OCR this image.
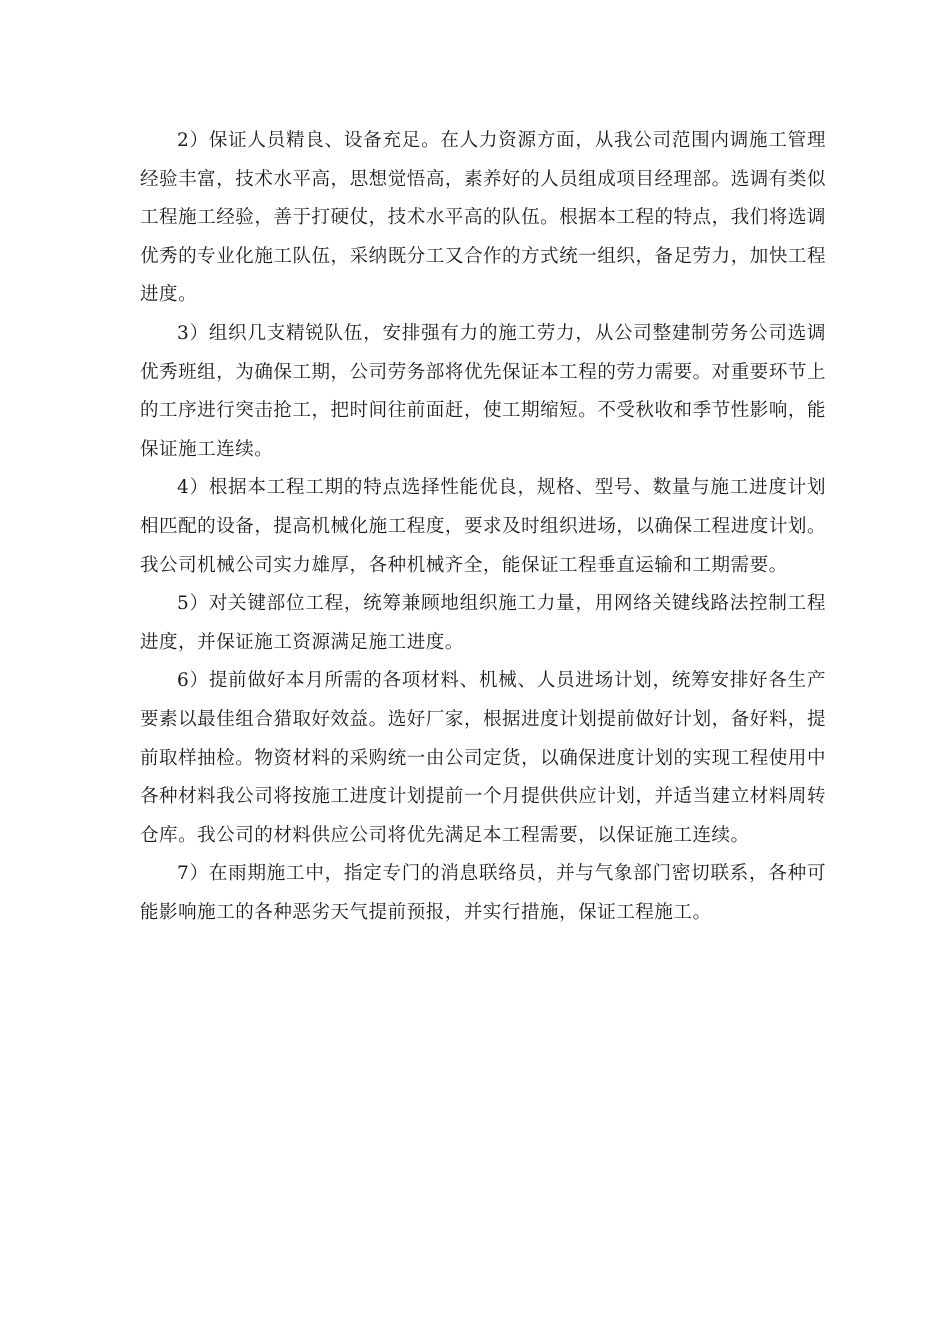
2）保证人员精良、设备充足。在人力资源方面，从我公司范围内调施工管理经验丰富，技术水平高，思想觉悟高，素养好的人员组成项目经理部。选调有类似工程施工经验，善于打硬仗，技术水平高的队伍。根据本工程的特点，我们将选调优秀的专业化施工队伍，采纳既分工又合作的方式统一组织，备足劳力，加快工程进度。

3）组织几支精锐队伍，安排强有力的施工劳力，从公司整建制劳务公司选调优秀班组，为确保工期，公司劳务部将优先保证本工程的劳力需要。对重要环节上的工序进行突击抢工，把时间往前面赶，使工期缩短。不受秋收和季节性影响，能保证施工连续。

4）根据本工程工期的特点选择性能优良，规格、型号、数量与施工进度计划相匹配的设备，提高机械化施工程度，要求及时组织进场，以确保工程进度计划。我公司机械公司实力雄厚，各种机械齐全，能保证工程垂直运输和工期需要。

5）对关键部位工程，统筹兼顾地组织施工力量，用网络关键线路法控制工程进度，并保证施工资源满足施工进度。

6）提前做好本月所需的各项材料、机械、人员进场计划，统筹安排好各生产要素以最佳组合猎取好效益。选好厂家，根据进度计划提前做好计划，备好料，提前取样抽检。物资材料的采购统一由公司定货，以确保进度计划的实现工程使用中各种材料我公司将按施工进度计划提前一个月提供供应计划，并适当建立材料周转仓库。我公司的材料供应公司将优先满足本工程需要，以保证施工连续。

7）在雨期施工中，指定专门的消息联络员，并与气象部门密切联系，各种可能影响施工的各种恶劣天气提前预报，并实行措施，保证工程施工。
